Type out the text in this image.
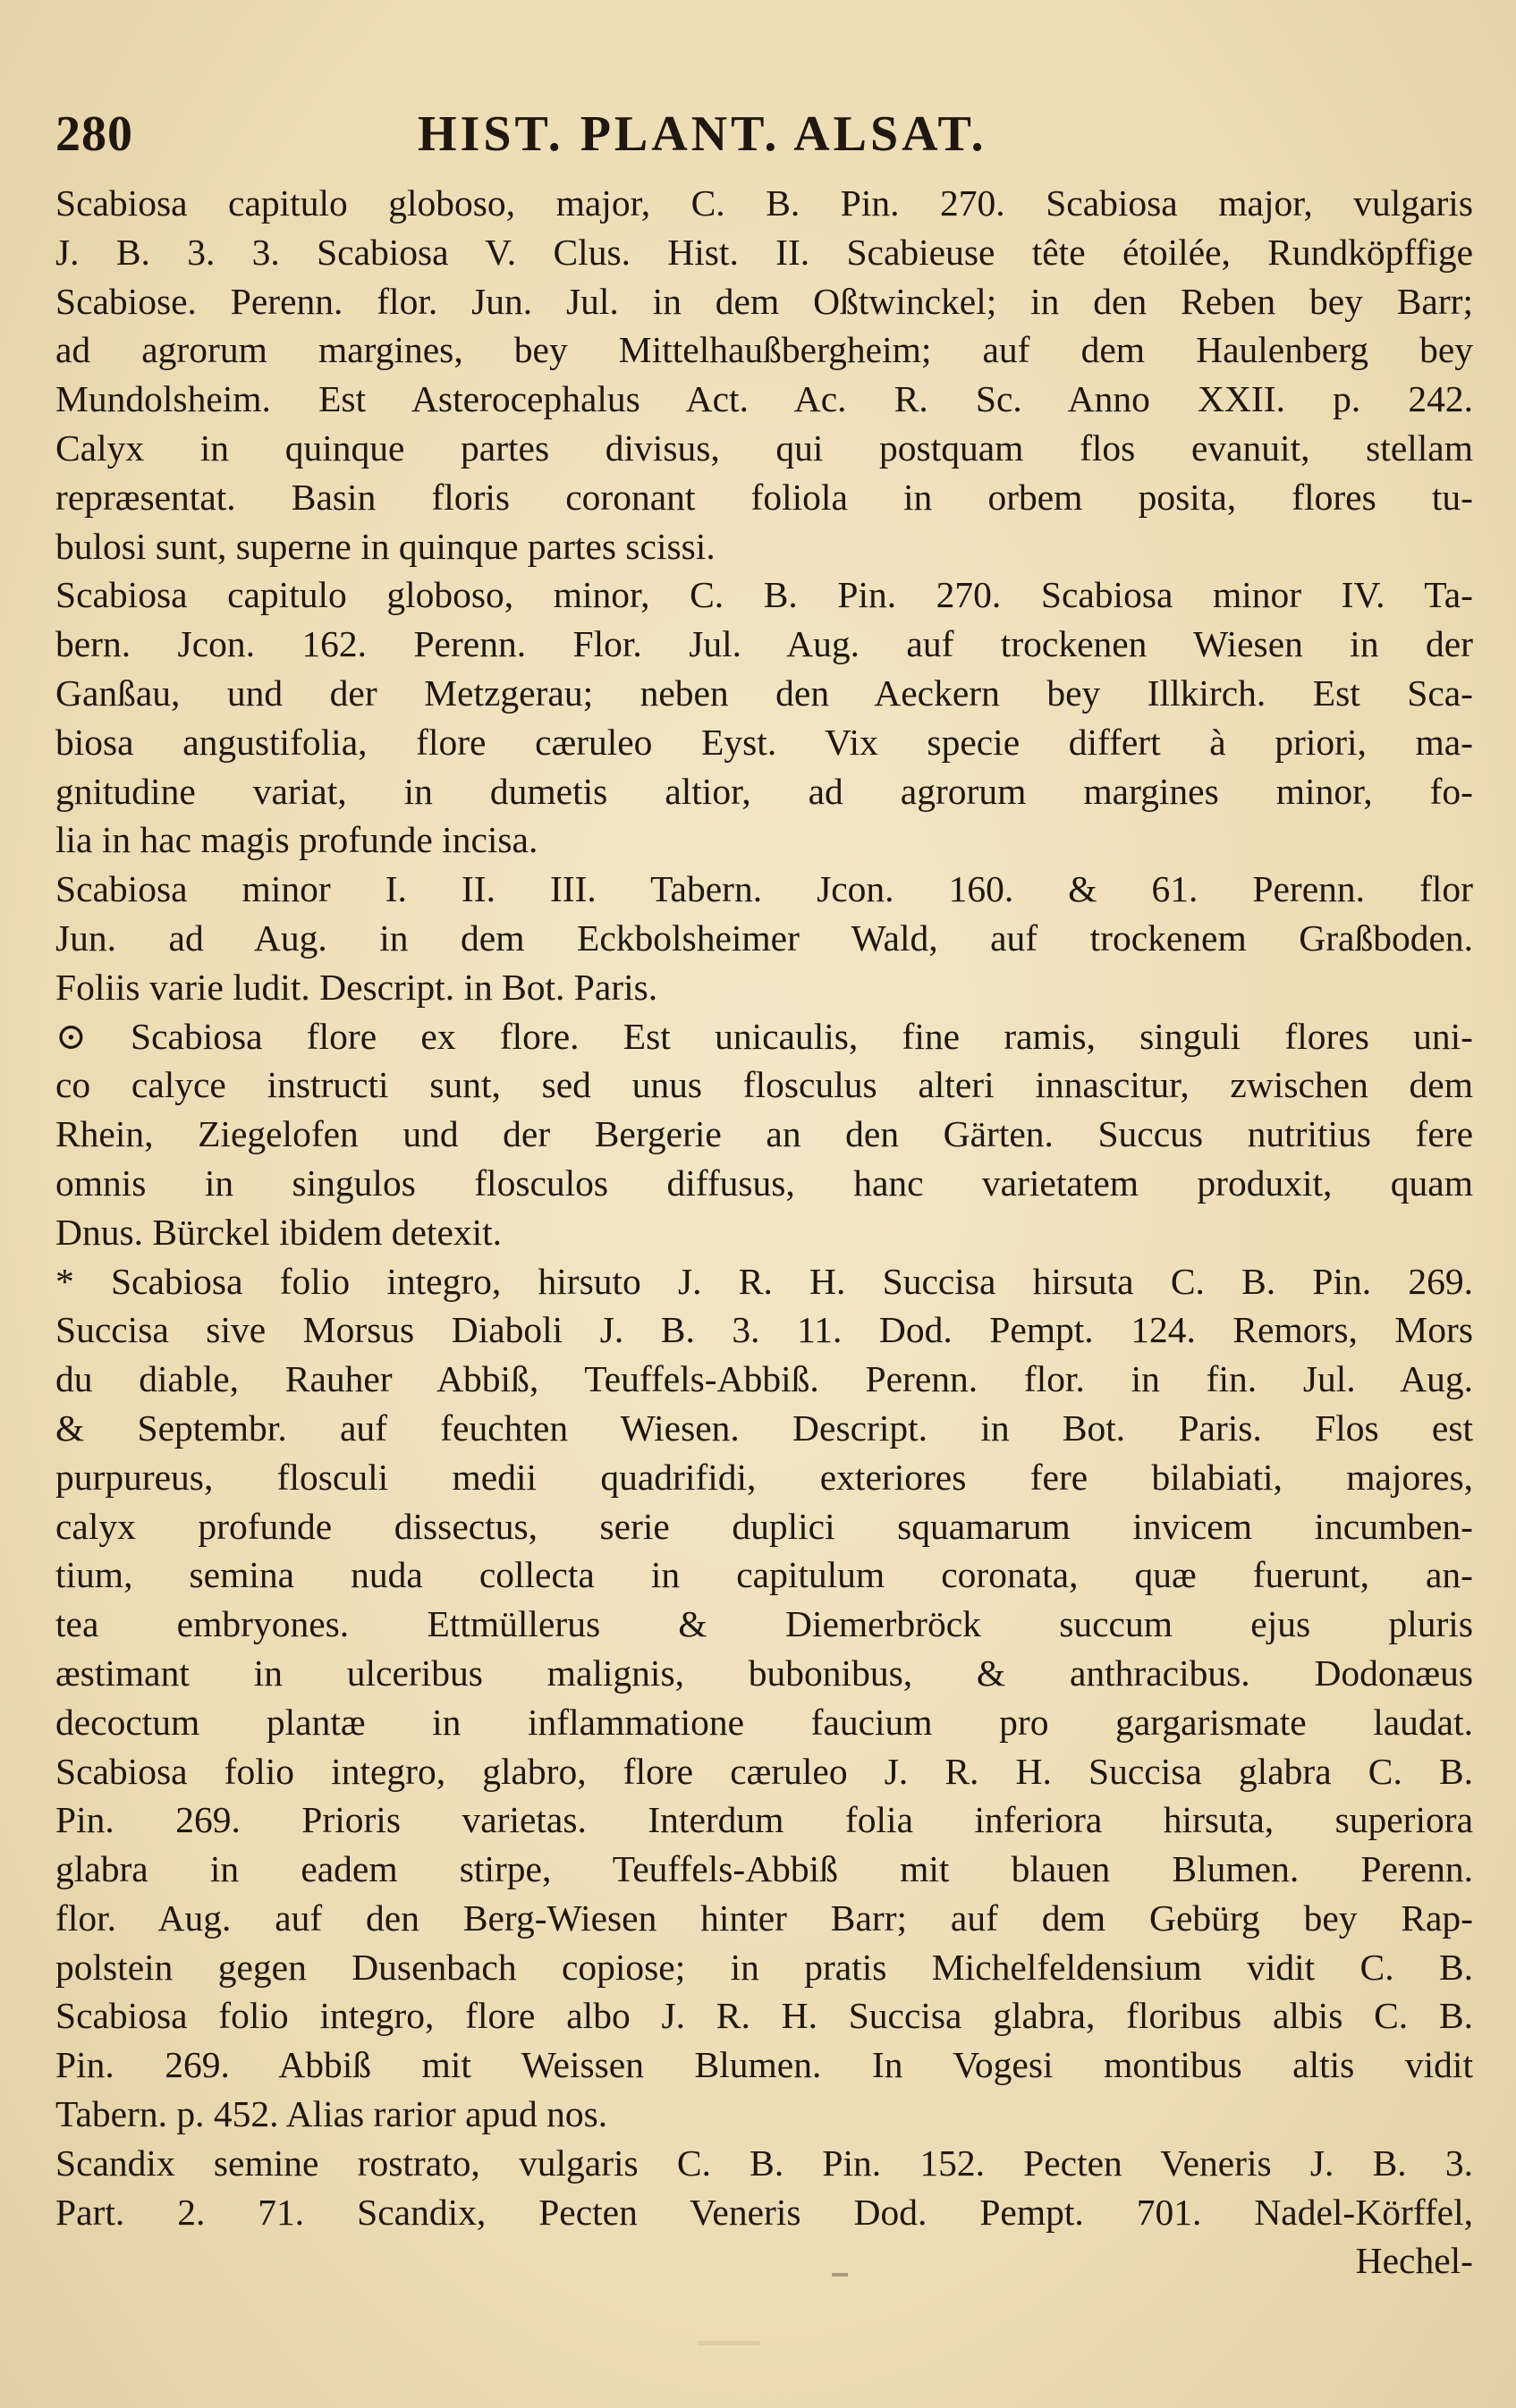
280	HIST. PLANT. ALSAT.
Scabiosa capitulo globoso, major, C. B. Pin. 270. Scabiosa major, vulgaris
J. B. 3. 3. Scabiosa V. Clus. Hist. II. Scabieuse tête étoilée, Rundköpffige
Scabiose. Perenn. flor. Jun. Jul. in dem Oßtwinckel; in den Reben bey Barr;
ad agrorum margines, bey Mittelhaußbergheim; auf dem Haulenberg bey
Mundolsheim. Est Asterocephalus Act. Ac. R. Sc. Anno XXII. p. 242.
Calyx in quinque partes divisus, qui postquam flos evanuit, stellam
repræsentat. Basin floris coronant foliola in orbem posita, flores tu-
bulosi sunt, superne in quinque partes scissi.
Scabiosa capitulo globoso, minor, C. B. Pin. 270. Scabiosa minor IV. Ta-
bern. Jcon. 162. Perenn. Flor. Jul. Aug. auf trockenen Wiesen in der
Ganßau, und der Metzgerau; neben den Aeckern bey Illkirch. Est Sca-
biosa angustifolia, flore cæruleo Eyst. Vix specie differt à priori, ma-
gnitudine variat, in dumetis altior, ad agrorum margines minor, fo-
lia in hac magis profunde incisa.
Scabiosa minor I. II. III. Tabern. Jcon. 160. & 61. Perenn. flor
Jun. ad Aug. in dem Eckbolsheimer Wald, auf trockenem Graßboden.
Foliis varie ludit. Descript. in Bot. Paris.
⊙ Scabiosa flore ex flore. Est unicaulis, fine ramis, singuli flores uni-
co calyce instructi sunt, sed unus flosculus alteri innascitur, zwischen dem
Rhein, Ziegelofen und der Bergerie an den Gärten. Succus nutritius fere
omnis in singulos flosculos diffusus, hanc varietatem produxit, quam
Dnus. Bürckel ibidem detexit.
* Scabiosa folio integro, hirsuto J. R. H. Succisa hirsuta C. B. Pin. 269.
Succisa sive Morsus Diaboli J. B. 3. 11. Dod. Pempt. 124. Remors, Mors
du diable, Rauher Abbiß, Teuffels-Abbiß. Perenn. flor. in fin. Jul. Aug.
& Septembr. auf feuchten Wiesen. Descript. in Bot. Paris. Flos est
purpureus, flosculi medii quadrifidi, exteriores fere bilabiati, majores,
calyx profunde dissectus, serie duplici squamarum invicem incumben-
tium, semina nuda collecta in capitulum coronata, quæ fuerunt, an-
tea embryones. Ettmüllerus & Diemerbröck succum ejus pluris
æstimant in ulceribus malignis, bubonibus, & anthracibus. Dodonæus
decoctum plantæ in inflammatione faucium pro gargarismate laudat.
Scabiosa folio integro, glabro, flore cæruleo J. R. H. Succisa glabra C. B.
Pin. 269. Prioris varietas. Interdum folia inferiora hirsuta, superiora
glabra in eadem stirpe, Teuffels-Abbiß mit blauen Blumen. Perenn.
flor. Aug. auf den Berg-Wiesen hinter Barr; auf dem Gebürg bey Rap-
polstein gegen Dusenbach copiose; in pratis Michelfeldensium vidit C. B.
Scabiosa folio integro, flore albo J. R. H. Succisa glabra, floribus albis C. B.
Pin. 269. Abbiß mit Weissen Blumen. In Vogesi montibus altis vidit
Tabern. p. 452. Alias rarior apud nos.
Scandix semine rostrato, vulgaris C. B. Pin. 152. Pecten Veneris J. B. 3.
Part. 2. 71. Scandix, Pecten Veneris Dod. Pempt. 701. Nadel-Körffel,
Hechel-
